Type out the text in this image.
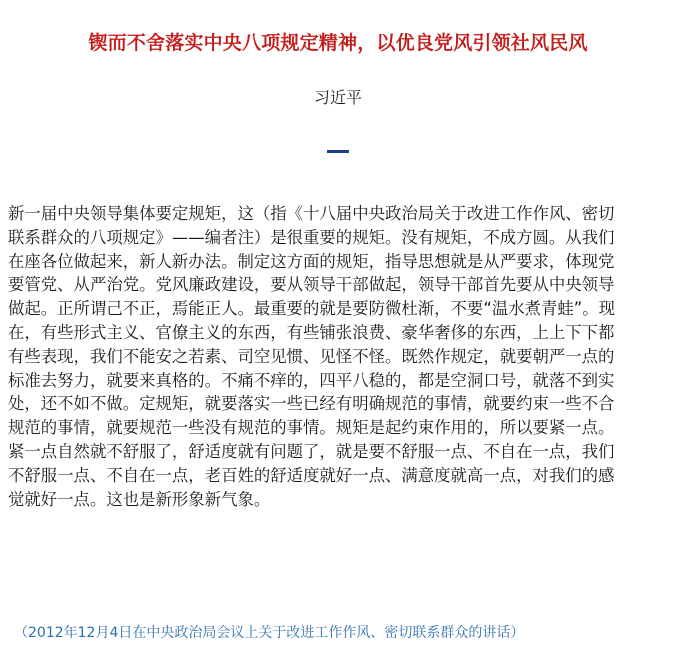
锲而不舍落实中央八项规定精神，以优良党风引领社风民风
习近平
新一届中央领导集体要定规矩，这（指《十八届中央政治局关于改进工作作风、密切
联系群众的八项规定》——编者注）是很重要的规矩。没有规矩，不成方圆。从我们
在座各位做起来，新人新办法。制定这方面的规矩，指导思想就是从严要求，体现党
要管党、从严治党。党风廉政建设，要从领导干部做起，领导干部首先要从中央领导
做起。正所谓己不正，焉能正人。最重要的就是要防微杜渐，不要“温水煮青蛙”。现
在，有些形式主义、官僚主义的东西，有些铺张浪费、豪华奢侈的东西，上上下下都
有些表现，我们不能安之若素、司空见惯、见怪不怪。既然作规定，就要朝严一点的
标准去努力，就要来真格的。不痛不痒的，四平八稳的，都是空洞口号，就落不到实
处，还不如不做。定规矩，就要落实一些已经有明确规范的事情，就要约束一些不合
规范的事情，就要规范一些没有规范的事情。规矩是起约束作用的，所以要紧一点。
紧一点自然就不舒服了，舒适度就有问题了，就是要不舒服一点、不自在一点，我们
不舒服一点、不自在一点，老百姓的舒适度就好一点、满意度就高一点，对我们的感
觉就好一点。这也是新形象新气象。
（2012年12月4日在中央政治局会议上关于改进工作作风、密切联系群众的讲话）
